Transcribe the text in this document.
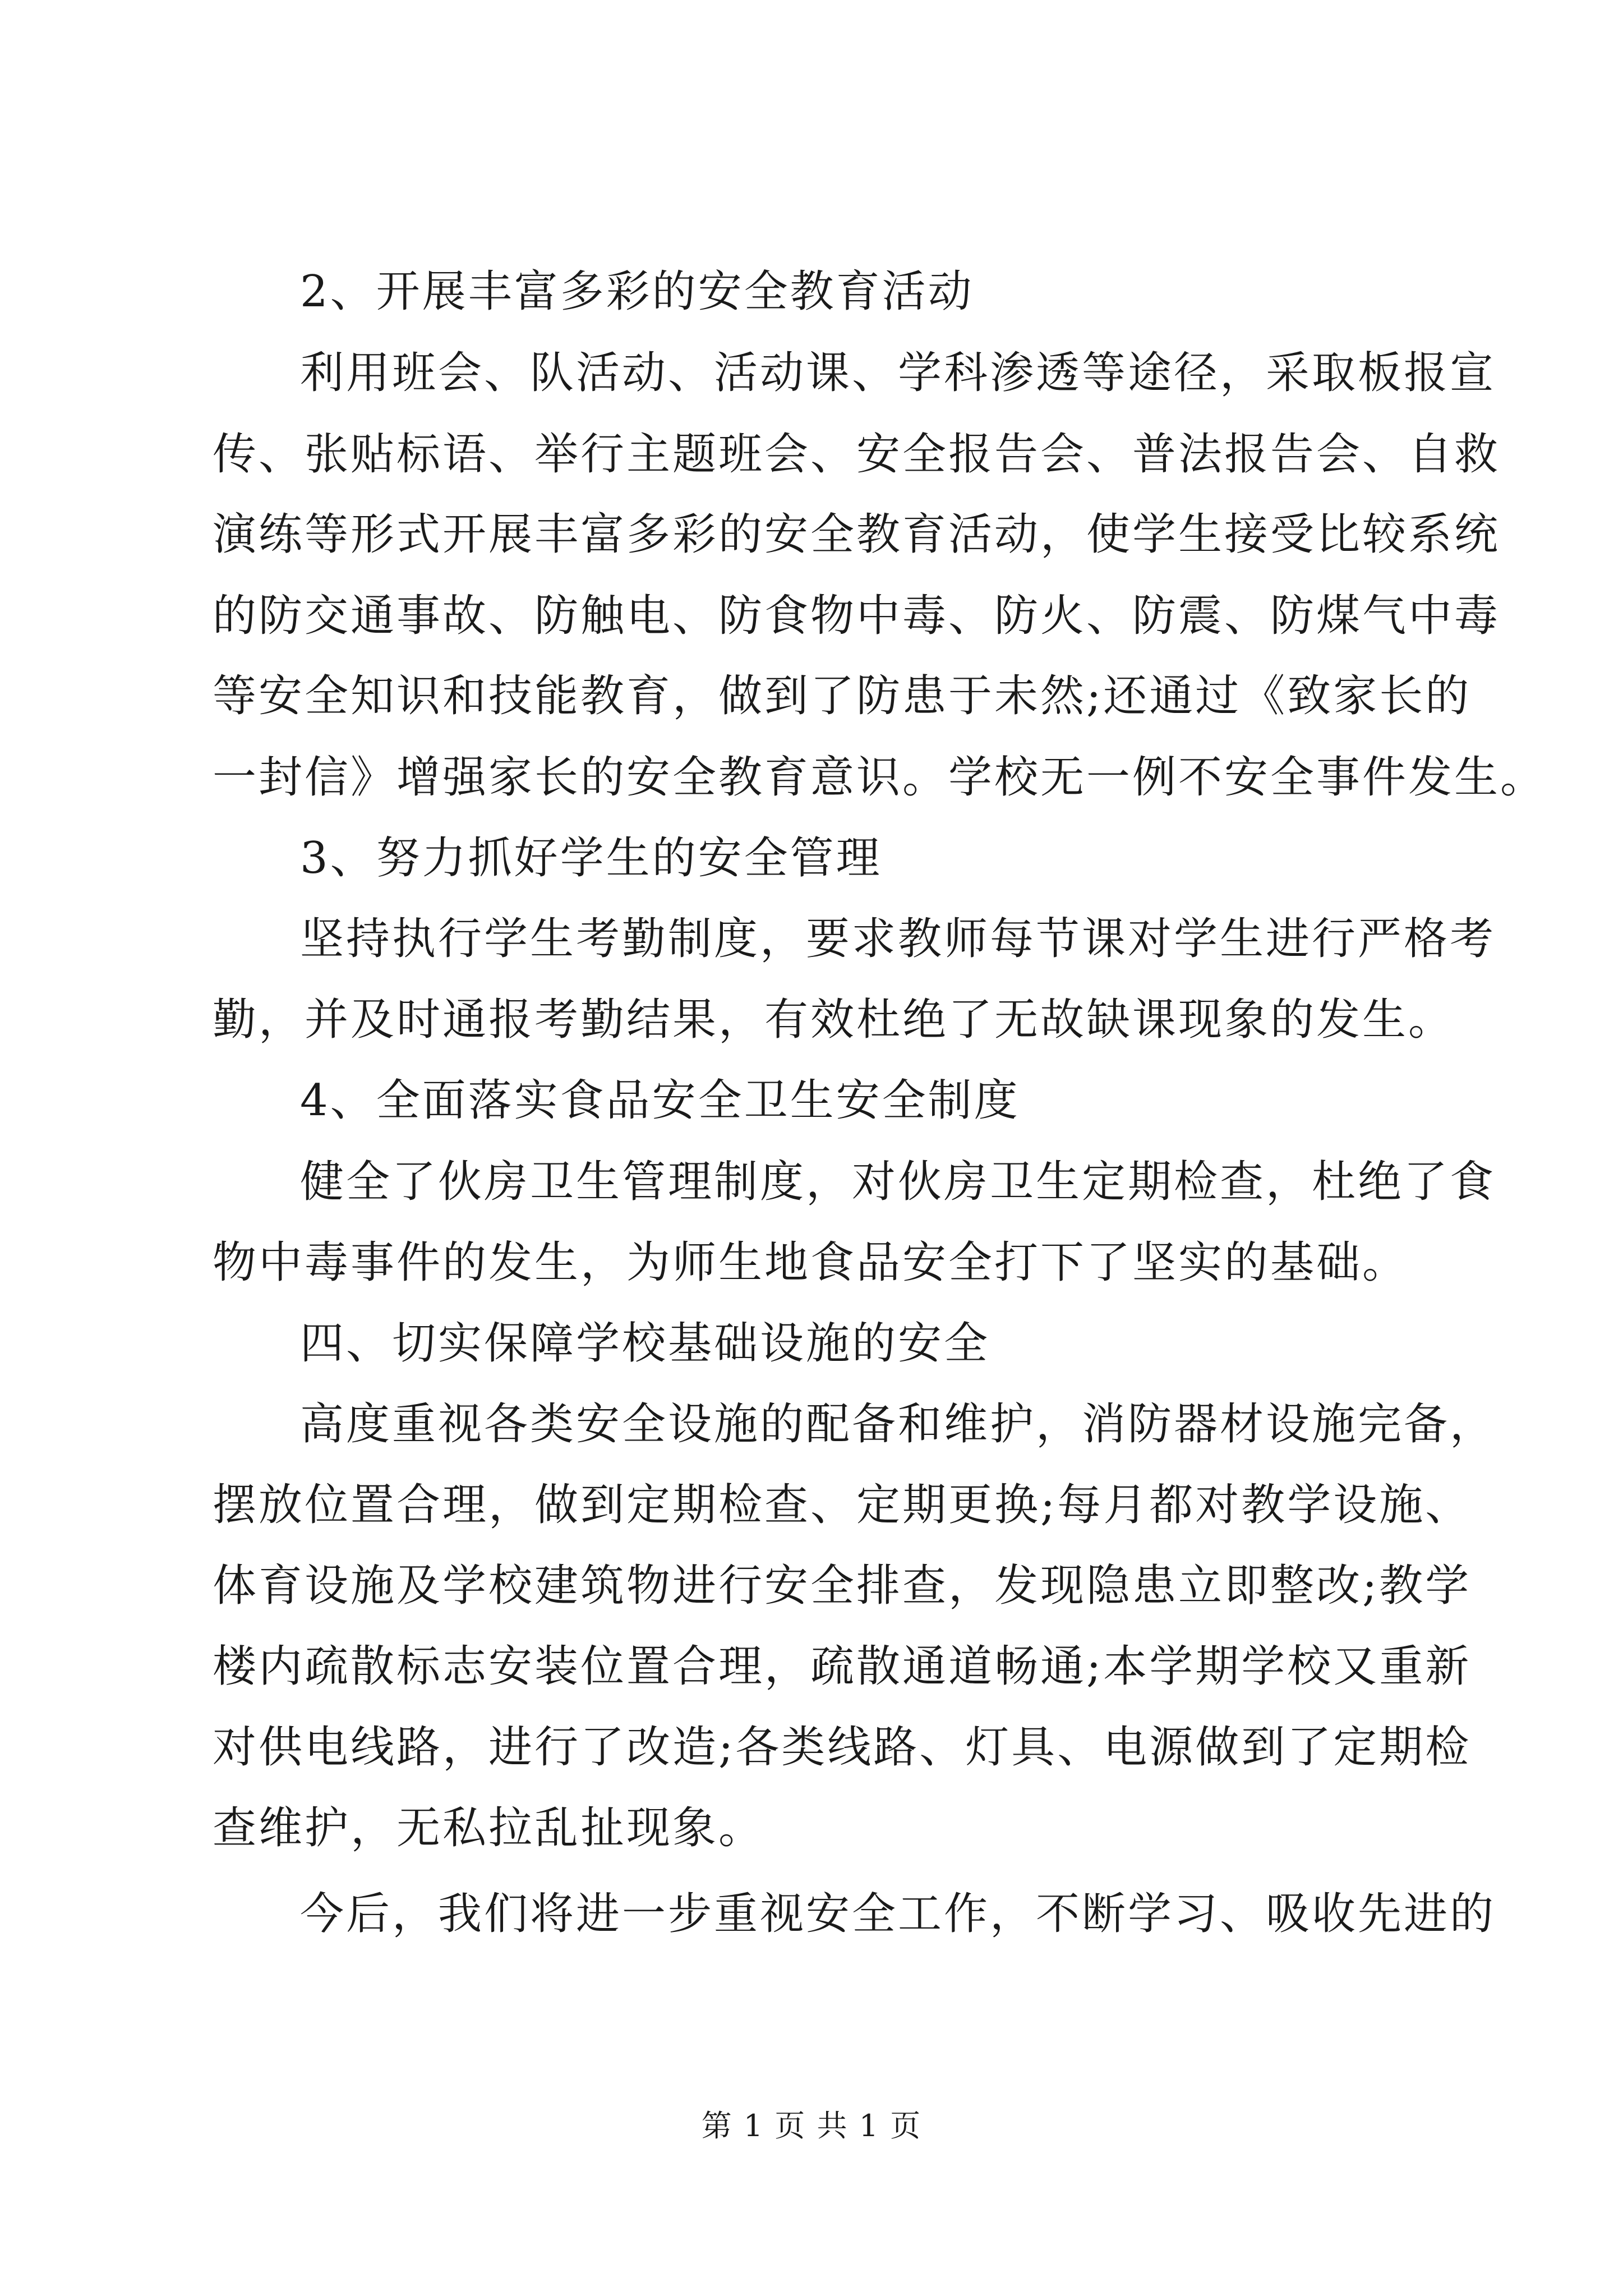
2、开展丰富多彩的安全教育活动
利用班会、队活动、活动课、学科渗透等途径，采取板报宣
传、张贴标语、举行主题班会、安全报告会、普法报告会、自救
演练等形式开展丰富多彩的安全教育活动，使学生接受比较系统
的防交通事故、防触电、防食物中毒、防火、防震、防煤气中毒
等安全知识和技能教育，做到了防患于未然;还通过《致家长的
一封信》增强家长的安全教育意识。学校无一例不安全事件发生。
3、努力抓好学生的安全管理
坚持执行学生考勤制度，要求教师每节课对学生进行严格考
勤，并及时通报考勤结果，有效杜绝了无故缺课现象的发生。
4、全面落实食品安全卫生安全制度
健全了伙房卫生管理制度，对伙房卫生定期检查，杜绝了食
物中毒事件的发生，为师生地食品安全打下了坚实的基础。
四、切实保障学校基础设施的安全
高度重视各类安全设施的配备和维护，消防器材设施完备，
摆放位置合理，做到定期检查、定期更换;每月都对教学设施、
体育设施及学校建筑物进行安全排查，发现隐患立即整改;教学
楼内疏散标志安装位置合理，疏散通道畅通;本学期学校又重新
对供电线路，进行了改造;各类线路、灯具、电源做到了定期检
查维护，无私拉乱扯现象。
今后，我们将进一步重视安全工作，不断学习、吸收先进的
第 1 页 共 1 页
